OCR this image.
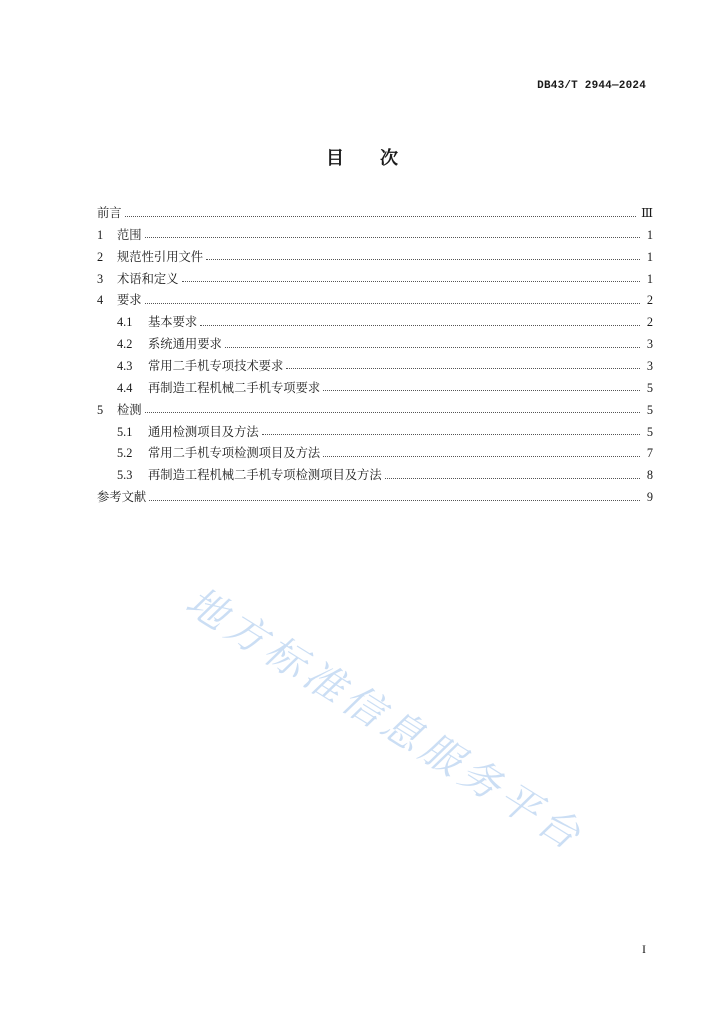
DB43/T 2944—2024
目　　次
前言	Ⅲ
1	范围	1
2	规范性引用文件	1
3	术语和定义	1
4	要求	2
4.1	基本要求	2
4.2	系统通用要求	3
4.3	常用二手机专项技术要求	3
4.4	再制造工程机械二手机专项要求	5
5	检测	5
5.1	通用检测项目及方法	5
5.2	常用二手机专项检测项目及方法	7
5.3	再制造工程机械二手机专项检测项目及方法	8
参考文献	9
地方标准信息服务平台
I
